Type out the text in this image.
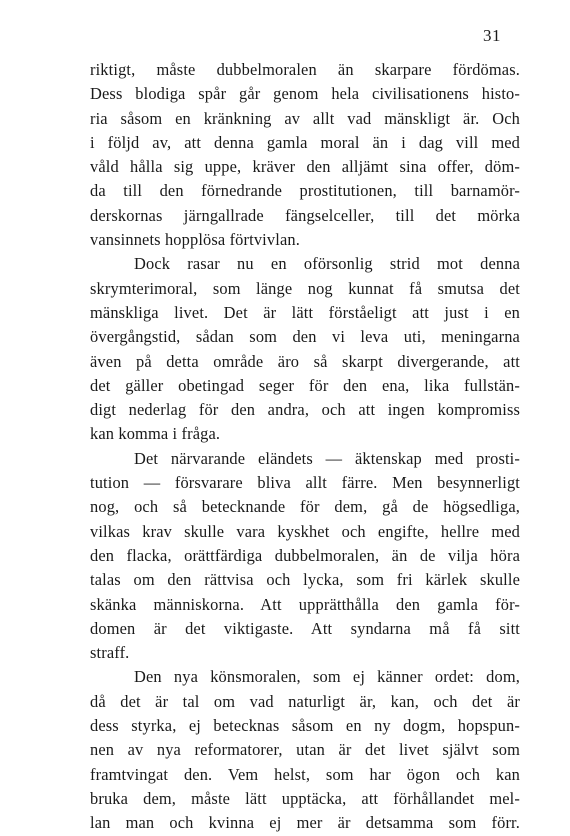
31
riktigt, måste dubbelmoralen än skarpare fördömas.
Dess blodiga spår går genom hela civilisationens histo-
ria såsom en kränkning av allt vad mänskligt är. Och
i följd av, att denna gamla moral än i dag vill med
våld hålla sig uppe, kräver den alljämt sina offer, döm-
da till den förnedrande prostitutionen, till barnamör-
derskornas järngallrade fängselceller, till det mörka
vansinnets hopplösa förtvivlan.
Dock rasar nu en oförsonlig strid mot denna
skrymterimoral, som länge nog kunnat få smutsa det
mänskliga livet. Det är lätt förståeligt att just i en
övergångstid, sådan som den vi leva uti, meningarna
även på detta område äro så skarpt divergerande, att
det gäller obetingad seger för den ena, lika fullstän-
digt nederlag för den andra, och att ingen kompromiss
kan komma i fråga.
Det närvarande eländets — äktenskap med prosti-
tution — försvarare bliva allt färre. Men besynnerligt
nog, och så betecknande för dem, gå de högsedliga,
vilkas krav skulle vara kyskhet och engifte, hellre med
den flacka, orättfärdiga dubbelmoralen, än de vilja höra
talas om den rättvisa och lycka, som fri kärlek skulle
skänka människorna. Att upprätthålla den gamla för-
domen är det viktigaste. Att syndarna må få sitt
straff.
Den nya könsmoralen, som ej känner ordet: dom,
då det är tal om vad naturligt är, kan, och det är
dess styrka, ej betecknas såsom en ny dogm, hopspun-
nen av nya reformatorer, utan är det livet självt som
framtvingat den. Vem helst, som har ögon och kan
bruka dem, måste lätt upptäcka, att förhållandet mel-
lan man och kvinna ej mer är detsamma som förr.
